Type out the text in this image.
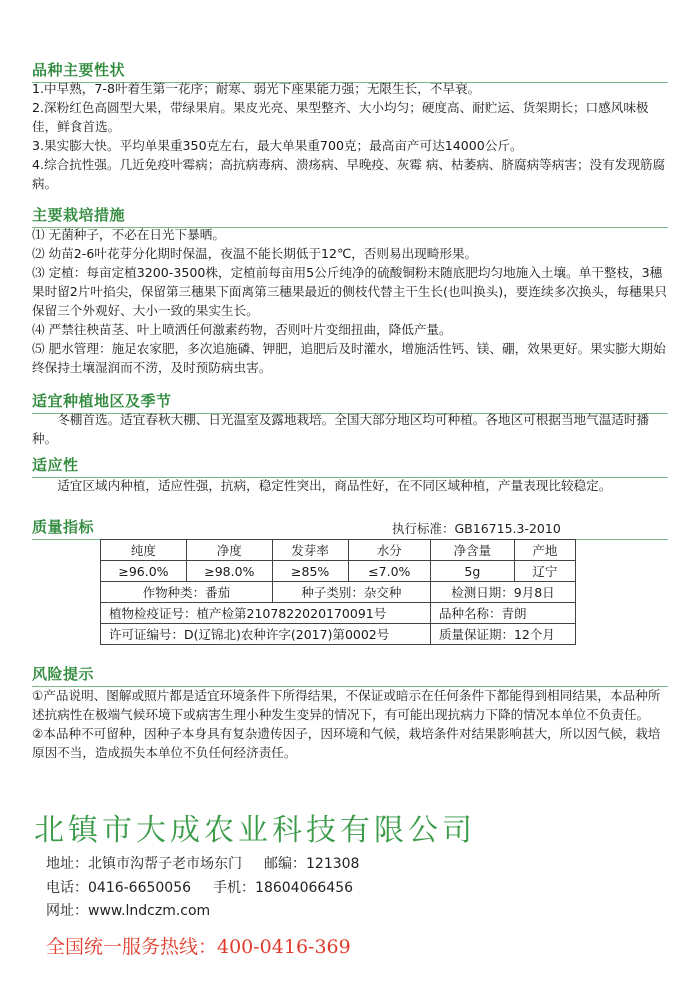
品种主要性状

1.中早熟，7-8叶着生第一花序；耐寒、弱光下座果能力强；无限生长，不早衰。

2.深粉红色高圆型大果，带绿果肩。果皮光亮、果型整齐、大小均匀；硬度高、耐贮运、货架期长；口感风味极佳，鲜食首选。

3.果实膨大快。平均单果重350克左右，最大单果重700克；最高亩产可达14000公斤。

4.综合抗性强。几近免疫叶霉病；高抗病毒病、溃疡病、早晚疫、灰霉 病、枯萎病、脐腐病等病害；没有发现筋腐病。

主要栽培措施

⑴ 无菌种子，不必在日光下暴晒。

⑵ 幼苗2-6叶花芽分化期时保温，夜温不能长期低于12℃，否则易出现畸形果。

⑶ 定植：每亩定植3200-3500株，定植前每亩用5公斤纯净的硫酸铜粉末随底肥均匀地施入土壤。单干整枝，3穗果时留2片叶掐尖，保留第三穗果下面离第三穗果最近的侧枝代替主干生长(也叫换头)，要连续多次换头，每穗果只保留三个外观好、大小一致的果实生长。

⑷ 严禁往秧苗茎、叶上喷洒任何激素药物，否则叶片变细扭曲，降低产量。

⑸ 肥水管理：施足农家肥，多次追施磷、钾肥，追肥后及时灌水，增施活性钙、镁、硼，效果更好。果实膨大期始终保持土壤湿润而不涝，及时预防病虫害。

适宜种植地区及季节

冬棚首选。适宜春秋大棚、日光温室及露地栽培。全国大部分地区均可种植。各地区可根据当地气温适时播种。

适应性

适宜区域内种植，适应性强，抗病，稳定性突出，商品性好，在不同区域种植，产量表现比较稳定。

质量指标	执行标准：GB16715.3-2010
纯度	净度	发芽率	水分	净含量	产地
≥96.0%	≥98.0%	≥85%	≤7.0%	5g	辽宁
作物种类：番茄		种子类别：杂交种		检测日期：9月8日	
植物检疫证号：植产检第2107822020170091号				品种名称：青朗	
许可证编号：D(辽锦北)农种许字(2017)第0002号				质量保证期：12个月	
风险提示

①产品说明、图解或照片都是适宜环境条件下所得结果，不保证或暗示在任何条件下都能得到相同结果，本品种所述抗病性在极端气候环境下或病害生理小种发生变异的情况下，有可能出现抗病力下降的情况本单位不负责任。

②本品种不可留种，因种子本身具有复杂遗传因子，因环境和气候，栽培条件对结果影响甚大，所以因气候，栽培原因不当，造成损失本单位不负任何经济责任。

北镇市大成农业科技有限公司
地址：北镇市沟帮子老市场东门 邮编：121308
电话：0416-6650056 手机：18604066456
网址：www.lndczm.com
全国统一服务热线：400-0416-369
